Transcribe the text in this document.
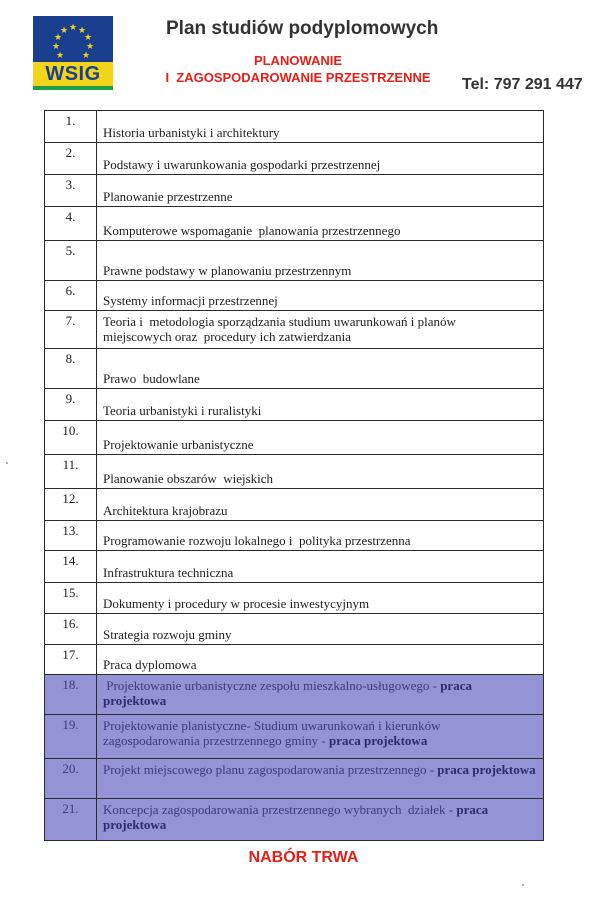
★
★ ★
★ ★
★	★
★ ★
WSIG
Plan studiów podyplomowych
PLANOWANIE
I  ZAGOSPODAROWANIE PRZESTRZENNE	Tel: 797 291 447
1.	Historia urbanistyki i architektury
2.	Podstawy i uwarunkowania gospodarki przestrzennej
3.	Planowanie przestrzenne
4.	Komputerowe wspomaganie  planowania przestrzennego
5.	Prawne podstawy w planowaniu przestrzennym
6.	Systemy informacji przestrzennej
7.	Teoria i  metodologia sporządzania studium uwarunkowań i planów
miejscowych oraz  procedury ich zatwierdzania

8.	Prawo  budowlane
9.	Teoria urbanistyki i ruralistyki
10.	Projektowanie urbanistyczne
11.	Planowanie obszarów  wiejskich
12.	Architektura krajobrazu
13.	Programowanie rozwoju lokalnego i  polityka przestrzenna
14.	Infrastruktura techniczna
15.	Dokumenty i procedury w procesie inwestycyjnym
16.	Strategia rozwoju gminy
17.	Praca dyplomowa
18.	Projektowanie urbanistyczne zespołu mieszkalno-usługowego - praca projektowa
19.	Projektowanie planistyczne- Studium uwarunkowań i kierunków zagospodarowania przestrzennego gminy - praca projektowa
20.	Projekt miejscowego planu zagospodarowania przestrzennego - praca projektowa
21.	Koncepcja zagospodarowania przestrzennego wybranych  działek - praca projektowa
NABÓR TRWA
